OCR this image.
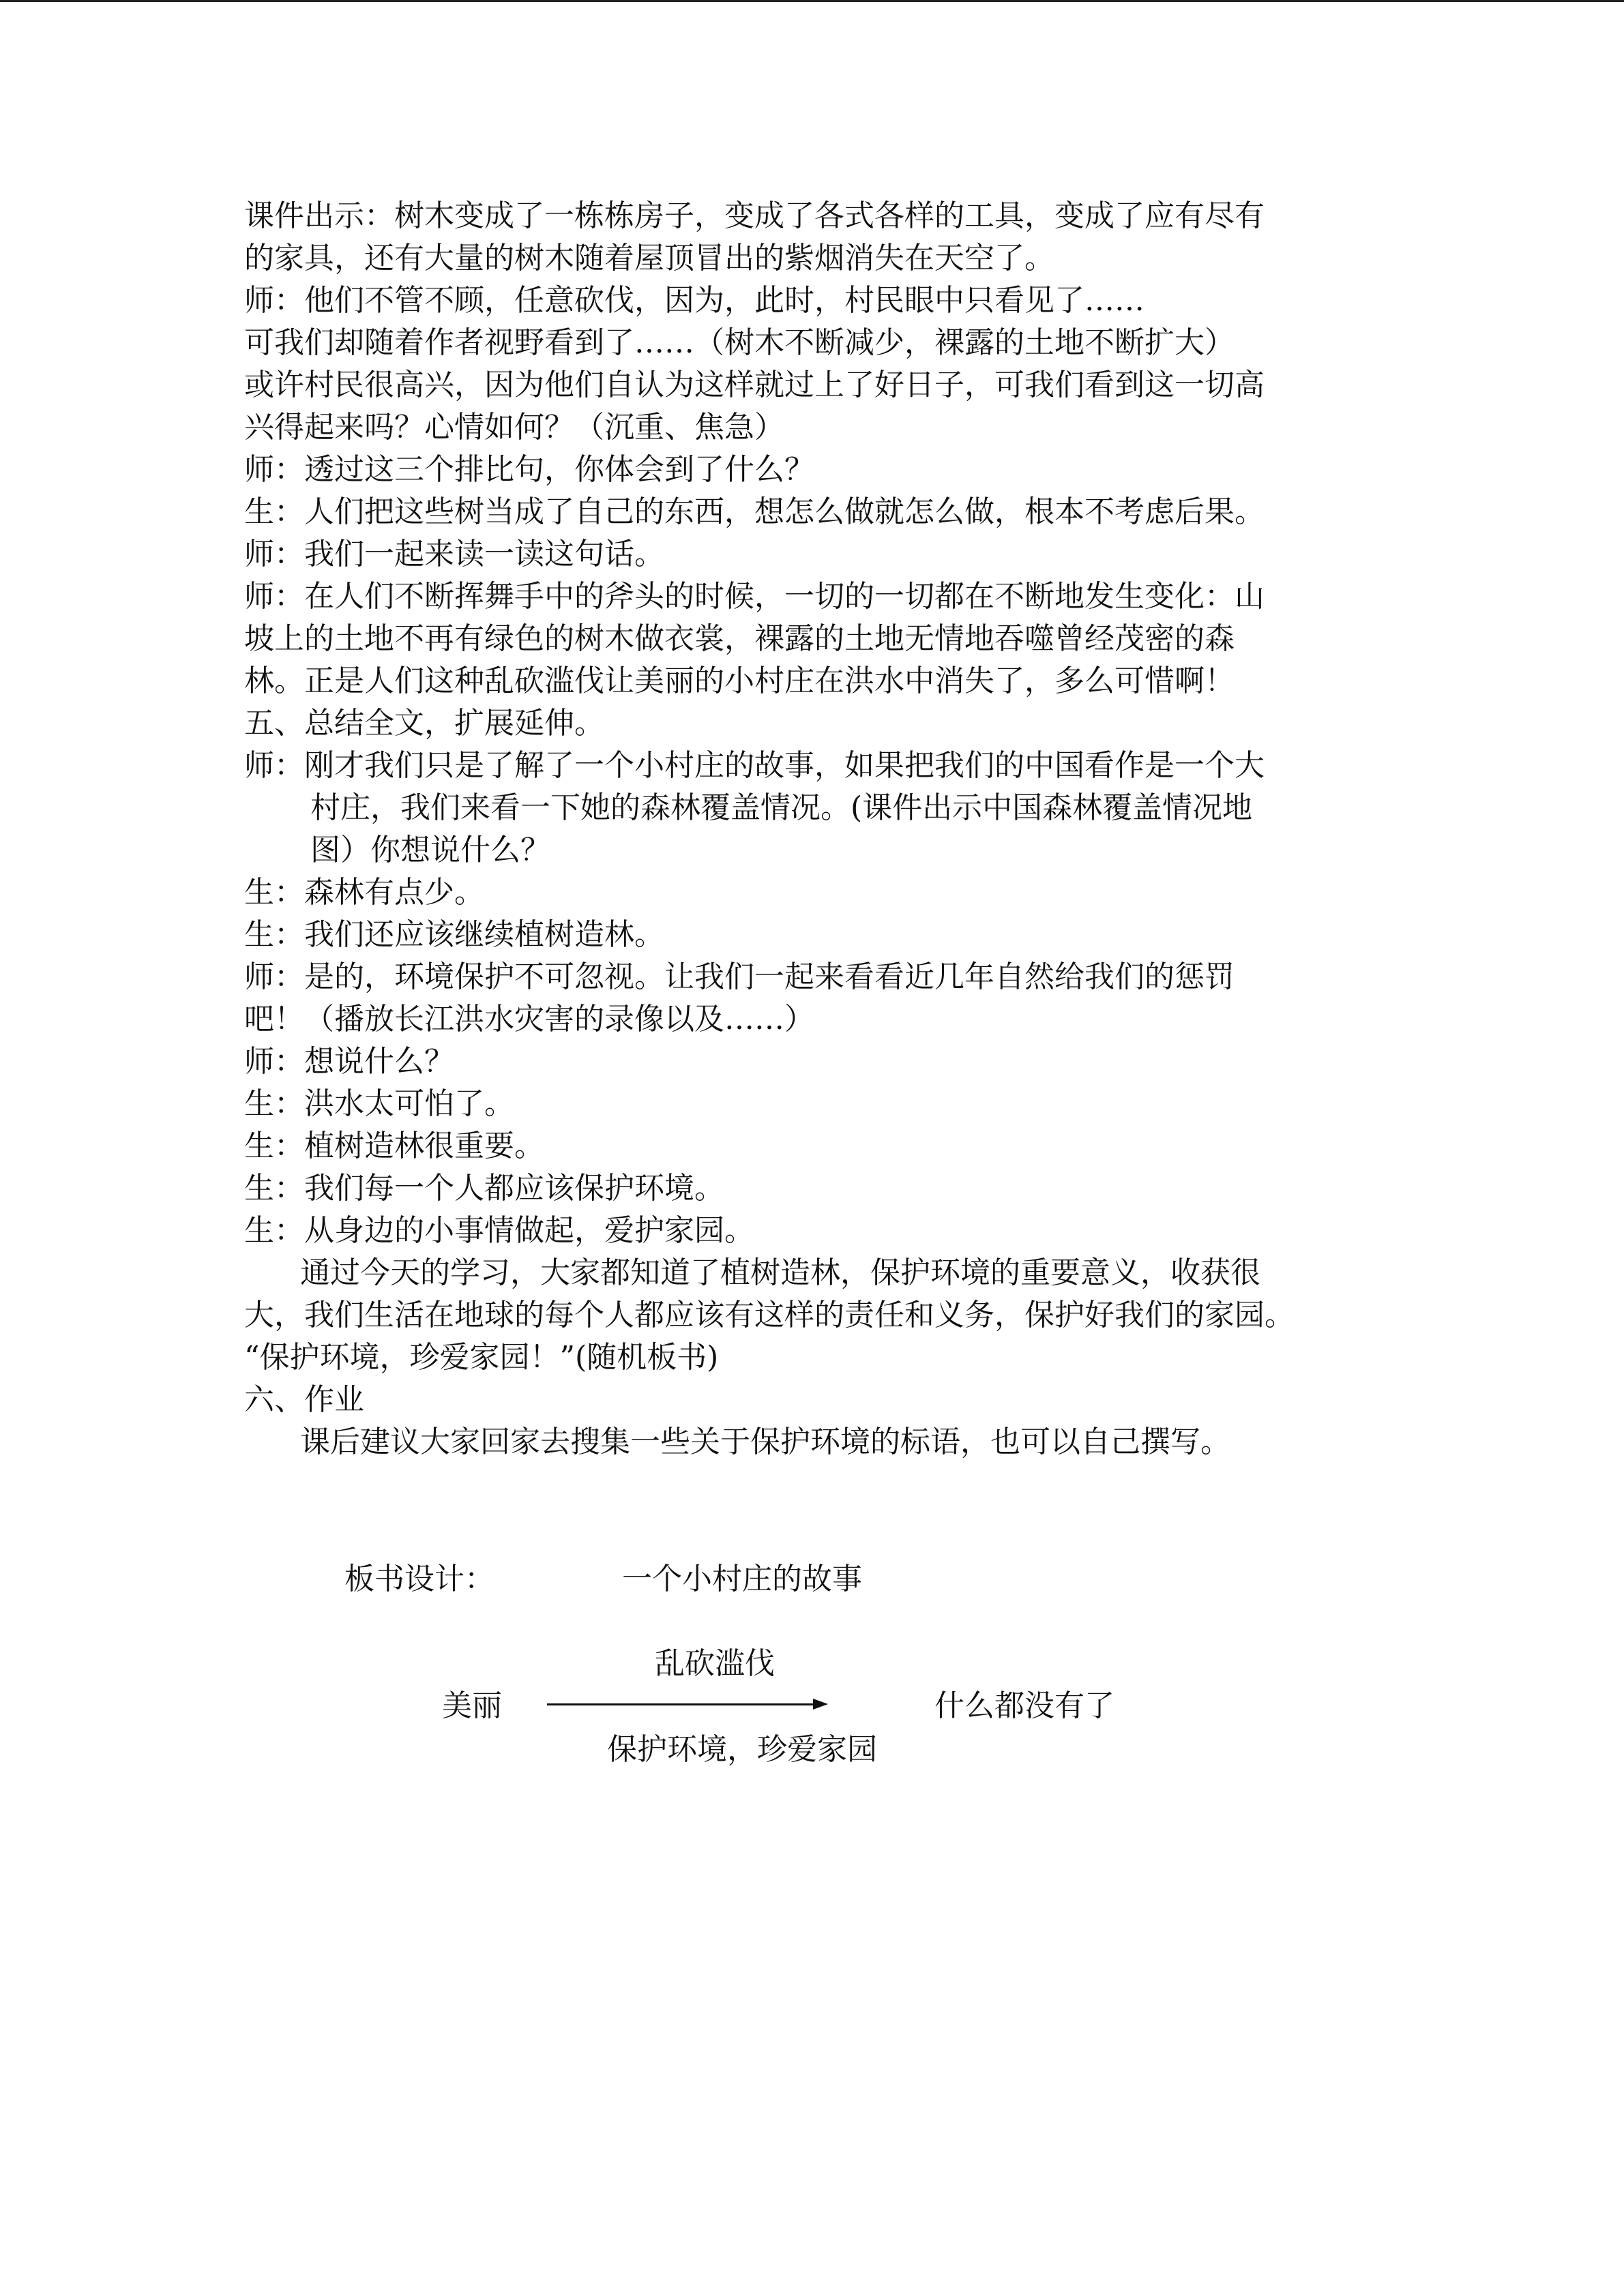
课件出示：树木变成了一栋栋房子，变成了各式各样的工具，变成了应有尽有
的家具，还有大量的树木随着屋顶冒出的紫烟消失在天空了。
师：他们不管不顾，任意砍伐，因为，此时，村民眼中只看见了……
可我们却随着作者视野看到了……（树木不断减少，裸露的土地不断扩大）
或许村民很高兴，因为他们自认为这样就过上了好日子，可我们看到这一切高
兴得起来吗？心情如何？（沉重、焦急）
师：透过这三个排比句，你体会到了什么？
生：人们把这些树当成了自己的东西，想怎么做就怎么做，根本不考虑后果。
师：我们一起来读一读这句话。
师：在人们不断挥舞手中的斧头的时候，一切的一切都在不断地发生变化：山
坡上的土地不再有绿色的树木做衣裳，裸露的土地无情地吞噬曾经茂密的森
林。正是人们这种乱砍滥伐让美丽的小村庄在洪水中消失了，多么可惜啊！
五、总结全文，扩展延伸。
师：刚才我们只是了解了一个小村庄的故事，如果把我们的中国看作是一个大
村庄，我们来看一下她的森林覆盖情况。(课件出示中国森林覆盖情况地
图）你想说什么？
生：森林有点少。
生：我们还应该继续植树造林。
师：是的，环境保护不可忽视。让我们一起来看看近几年自然给我们的惩罚
吧！（播放长江洪水灾害的录像以及……）
师：想说什么？
生：洪水太可怕了。
生：植树造林很重要。
生：我们每一个人都应该保护环境。
生：从身边的小事情做起，爱护家园。
通过今天的学习，大家都知道了植树造林，保护环境的重要意义，收获很
大，我们生活在地球的每个人都应该有这样的责任和义务，保护好我们的家园。
“保护环境，珍爱家园！”(随机板书)
六、作业
课后建议大家回家去搜集一些关于保护环境的标语，也可以自己撰写。
板书设计：	一个小村庄的故事
乱砍滥伐
美丽	什么都没有了
保护环境，珍爱家园
